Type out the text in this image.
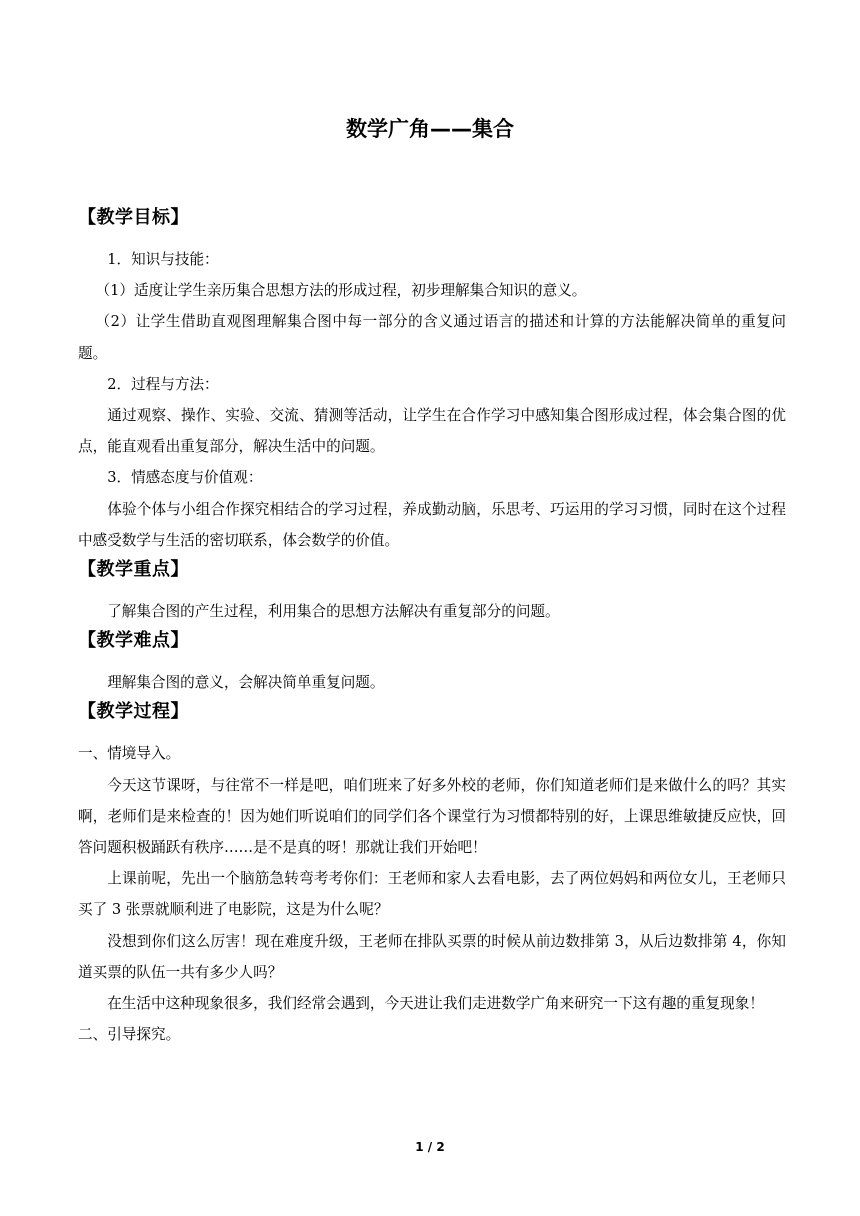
数学广角——集合
【教学目标】

1．知识与技能：

（1）适度让学生亲历集合思想方法的形成过程，初步理解集合知识的意义。

（2）让学生借助直观图理解集合图中每一部分的含义通过语言的描述和计算的方法能解决简单的重复问题。

2．过程与方法：

通过观察、操作、实验、交流、猜测等活动，让学生在合作学习中感知集合图形成过程，体会集合图的优点，能直观看出重复部分，解决生活中的问题。

3．情感态度与价值观：

体验个体与小组合作探究相结合的学习过程，养成勤动脑，乐思考、巧运用的学习习惯，同时在这个过程中感受数学与生活的密切联系，体会数学的价值。

【教学重点】

了解集合图的产生过程，利用集合的思想方法解决有重复部分的问题。

【教学难点】

理解集合图的意义，会解决简单重复问题。

【教学过程】

一、情境导入。

今天这节课呀，与往常不一样是吧，咱们班来了好多外校的老师，你们知道老师们是来做什么的吗？其实啊，老师们是来检查的！因为她们听说咱们的同学们各个课堂行为习惯都特别的好，上课思维敏捷反应快，回答问题积极踊跃有秩序……是不是真的呀！那就让我们开始吧！

上课前呢，先出一个脑筋急转弯考考你们：王老师和家人去看电影，去了两位妈妈和两位女儿，王老师只买了 3 张票就顺利进了电影院，这是为什么呢？

没想到你们这么厉害！现在难度升级，王老师在排队买票的时候从前边数排第 3，从后边数排第 4，你知道买票的队伍一共有多少人吗？

在生活中这种现象很多，我们经常会遇到，今天进让我们走进数学广角来研究一下这有趣的重复现象！

二、引导探究。

1 / 2
